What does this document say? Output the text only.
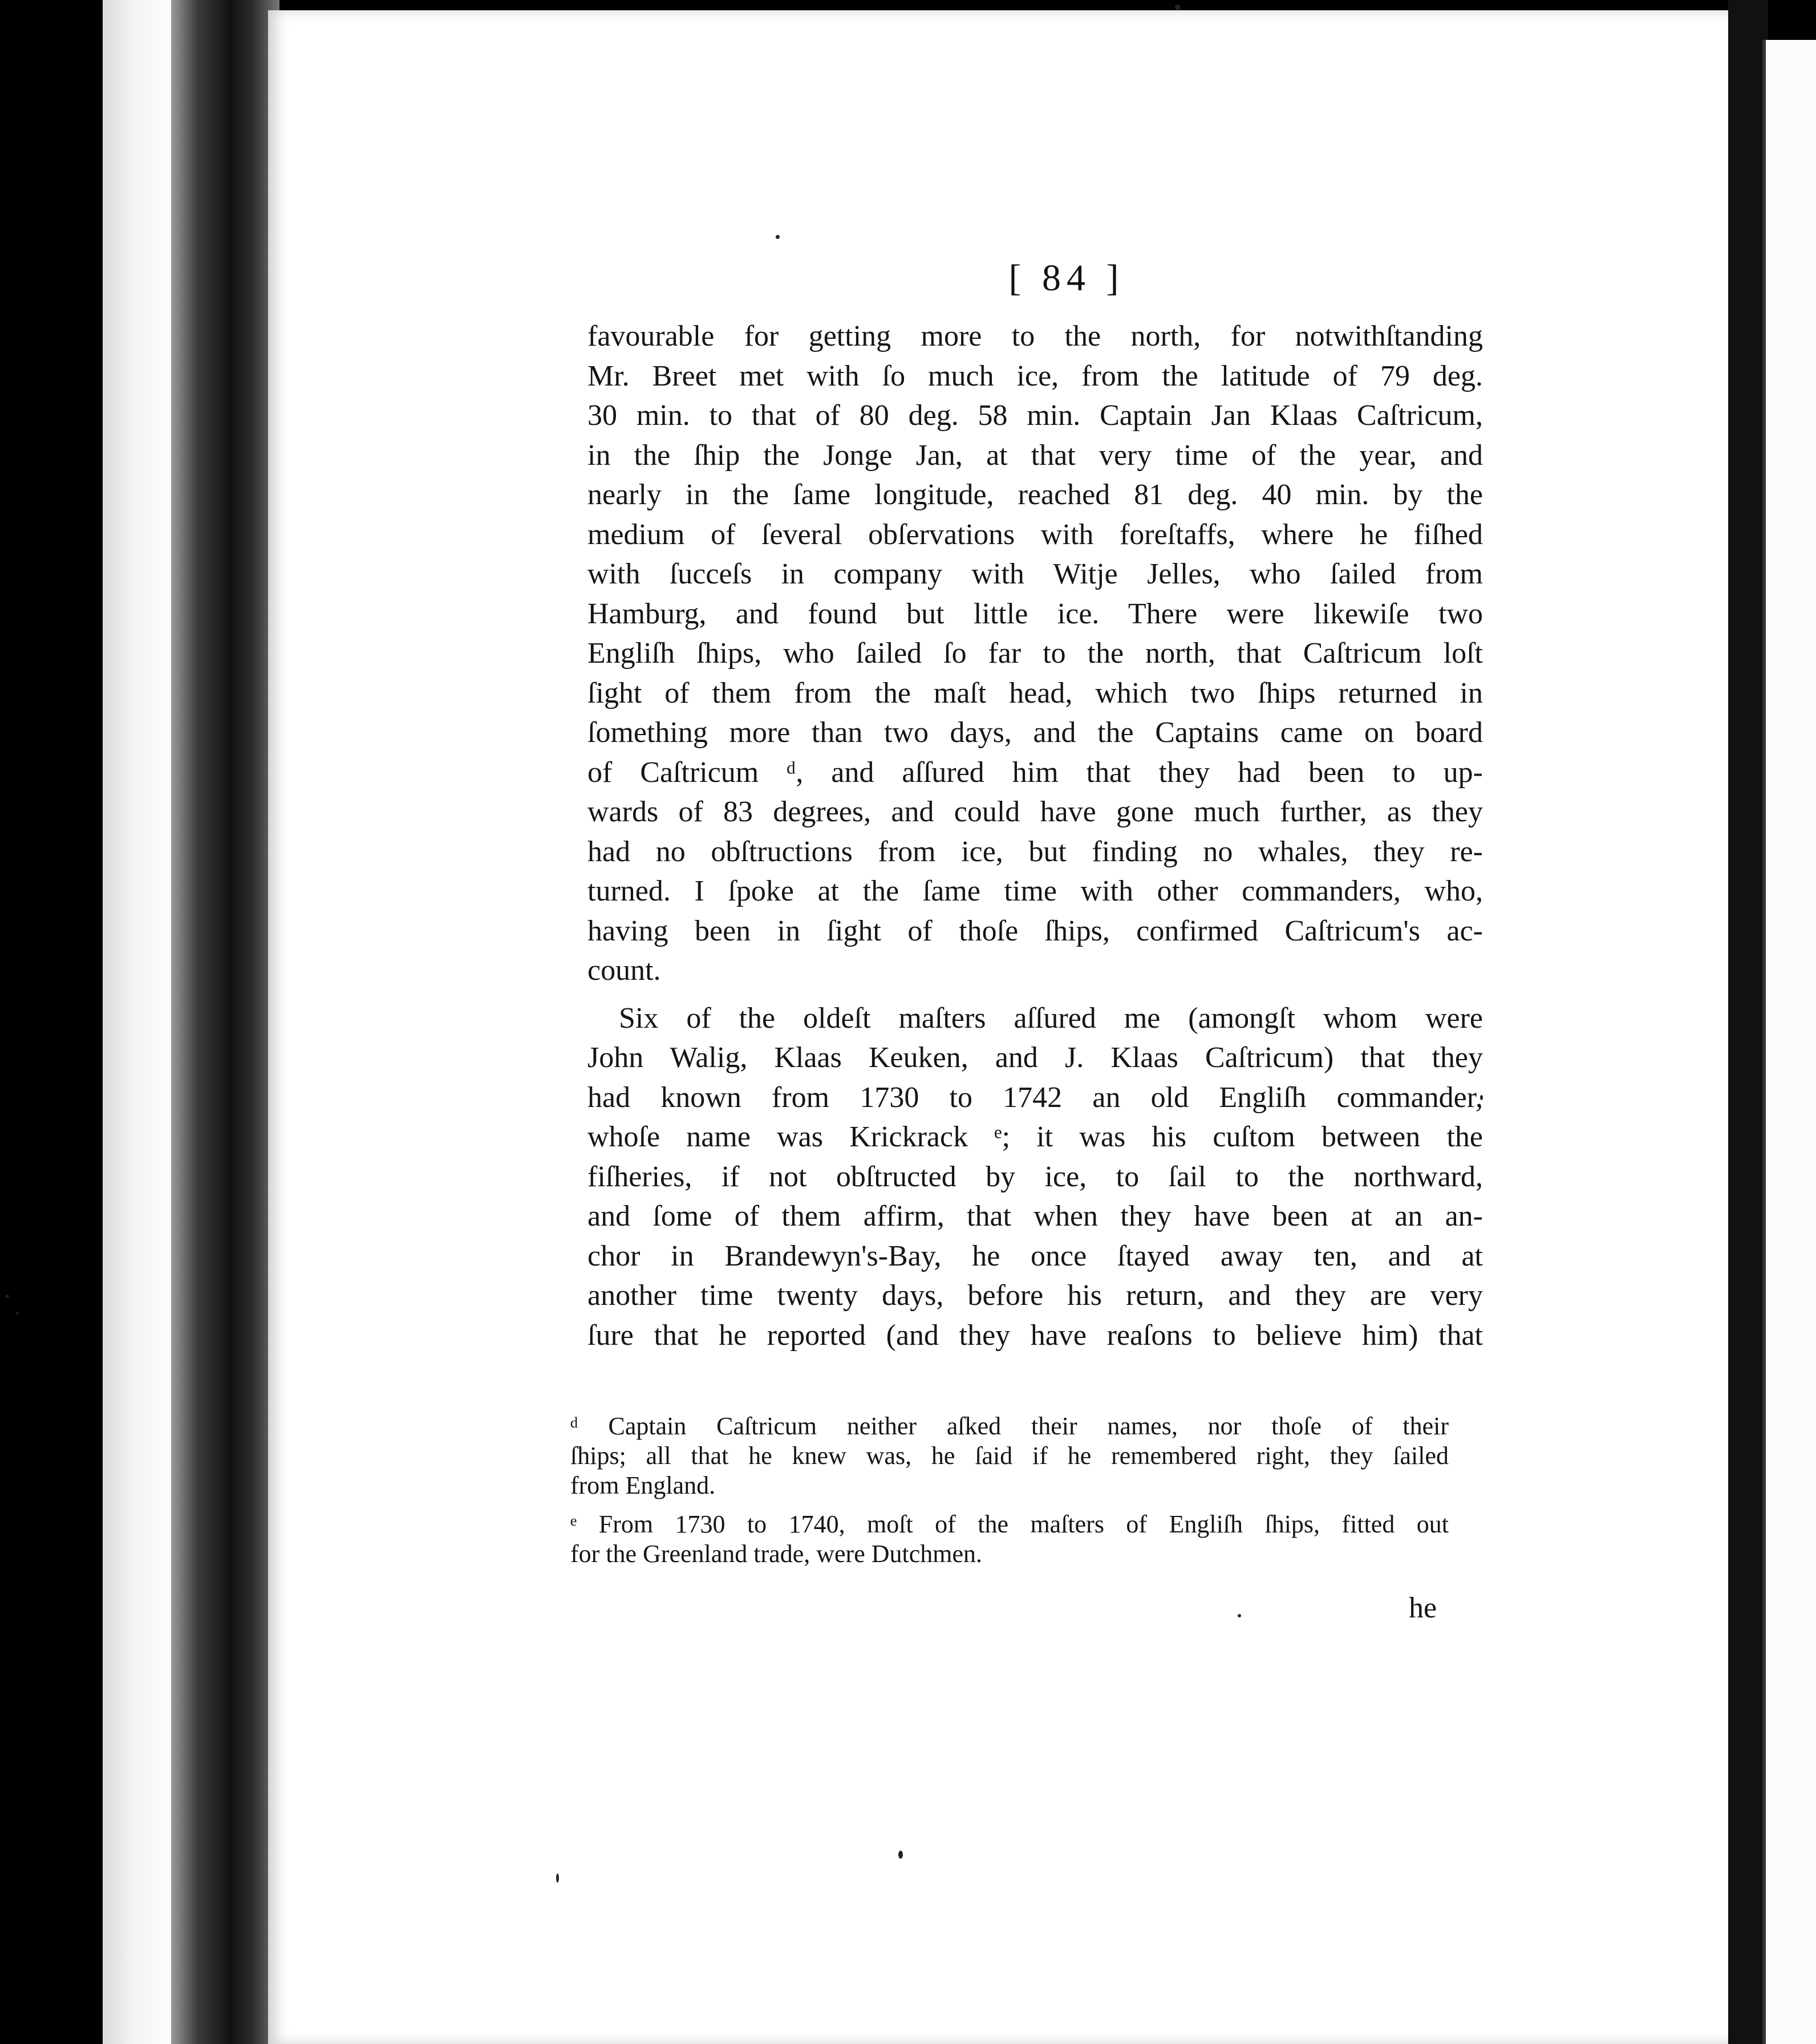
[ 84 ]
favourable for getting more to the north, for notwithſtanding
Mr. Breet met with ſo much ice, from the latitude of 79 deg.
30 min. to that of 80 deg. 58 min. Captain Jan Klaas Caſtricum,
in the ſhip the Jonge Jan, at that very time of the year, and
nearly in the ſame longitude, reached 81 deg. 40 min. by the
medium of ſeveral obſervations with foreſtaffs, where he fiſhed
with ſucceſs in company with Witje Jelles, who ſailed from
Hamburg, and found but little ice. There were likewiſe two
Engliſh ſhips, who ſailed ſo far to the north, that Caſtricum loſt
ſight of them from the maſt head, which two ſhips returned in
ſomething more than two days, and the Captains came on board
of Caſtricum ᵈ, and aſſured him that they had been to up-
wards of 83 degrees, and could have gone much further, as they
had no obſtructions from ice, but finding no whales, they re-
turned. I ſpoke at the ſame time with other commanders, who,
having been in ſight of thoſe ſhips, confirmed Caſtricum's ac-
count.
Six of the oldeſt maſters aſſured me (amongſt whom were
John Walig, Klaas Keuken, and J. Klaas Caſtricum) that they
had known from 1730 to 1742 an old Engliſh commander,
whoſe name was Krickrack ᵉ; it was his cuſtom between the
fiſheries, if not obſtructed by ice, to ſail to the northward,
and ſome of them affirm, that when they have been at an an-
chor in Brandewyn's-Bay, he once ſtayed away ten, and at
another time twenty days, before his return, and they are very
ſure that he reported (and they have reaſons to believe him) that
ᵈ Captain Caſtricum neither aſked their names, nor thoſe of their
ſhips; all that he knew was, he ſaid if he remembered right, they ſailed
from England.
ᵉ From 1730 to 1740, moſt of the maſters of Engliſh ſhips, fitted out
for the Greenland trade, were Dutchmen.
he
